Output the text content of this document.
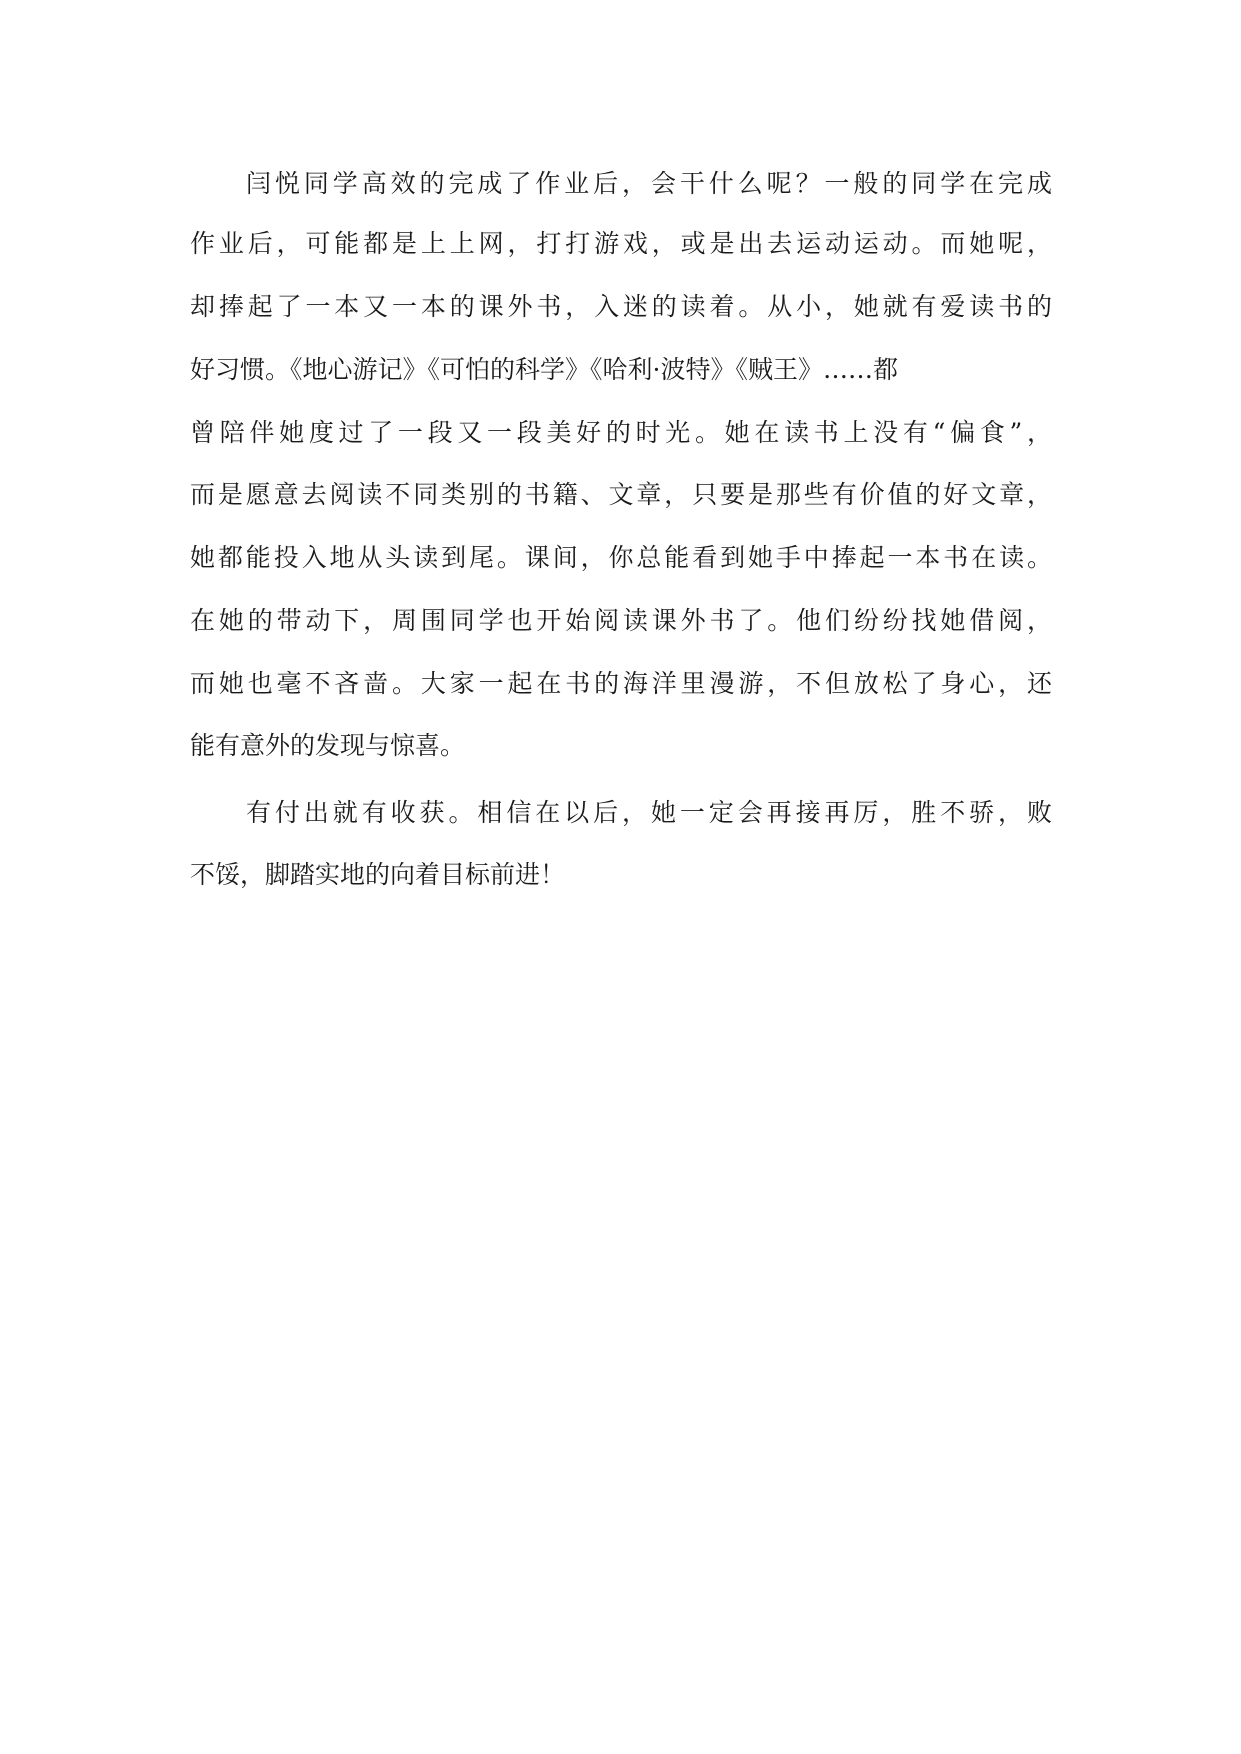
闫悦同学高效的完成了作业后，会干什么呢？一般的同学在完成
作业后，可能都是上上网，打打游戏，或是出去运动运动。而她呢，
却捧起了一本又一本的课外书，入迷的读着。从小，她就有爱读书的
好习惯。《地心游记》《可怕的科学》《哈利·波特》《贼王》……都
曾陪伴她度过了一段又一段美好的时光。她在读书上没有“偏食”，
而是愿意去阅读不同类别的书籍、文章，只要是那些有价值的好文章，
她都能投入地从头读到尾。课间，你总能看到她手中捧起一本书在读。
在她的带动下，周围同学也开始阅读课外书了。他们纷纷找她借阅，
而她也毫不吝啬。大家一起在书的海洋里漫游，不但放松了身心，还
能有意外的发现与惊喜。
有付出就有收获。相信在以后，她一定会再接再厉，胜不骄，败
不馁，脚踏实地的向着目标前进！
